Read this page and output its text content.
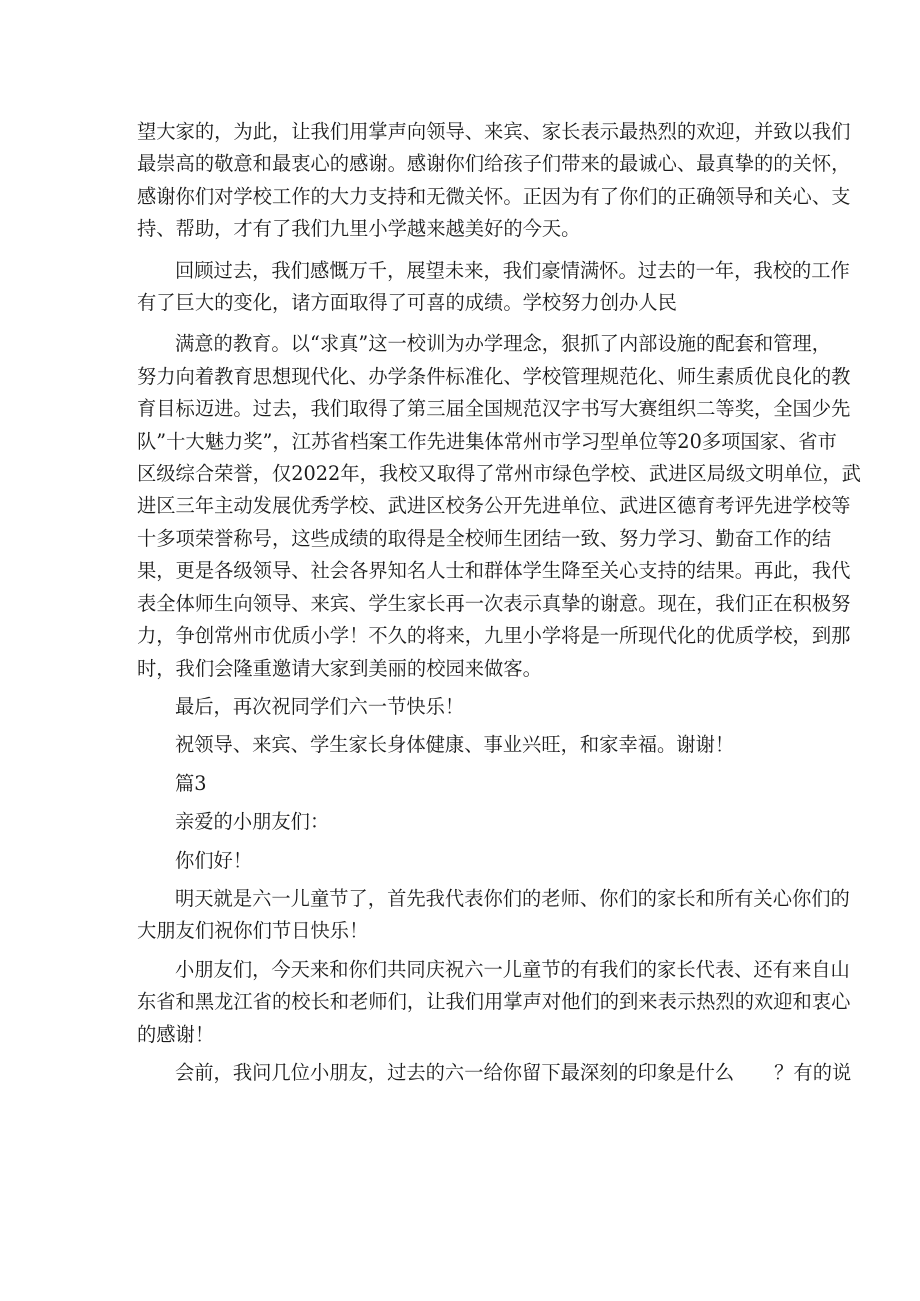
望大家的，为此，让我们用掌声向领导、来宾、家长表示最热烈的欢迎，并致以我们
最崇高的敬意和最衷心的感谢。感谢你们给孩子们带来的最诚心、最真挚的的关怀，
感谢你们对学校工作的大力支持和无微关怀。正因为有了你们的正确领导和关心、支
持、帮助，才有了我们九里小学越来越美好的今天。

回顾过去，我们感慨万千，展望未来，我们豪情满怀。过去的一年，我校的工作
有了巨大的变化，诸方面取得了可喜的成绩。学校努力创办人民

满意的教育。以“求真”这一校训为办学理念，狠抓了内部设施的配套和管理，
努力向着教育思想现代化、办学条件标准化、学校管理规范化、师生素质优良化的教
育目标迈进。过去，我们取得了第三届全国规范汉字书写大赛组织二等奖，全国少先
队”十大魅力奖”，江苏省档案工作先进集体常州市学习型单位等20多项国家、省市
区级综合荣誉，仅2022年，我校又取得了常州市绿色学校、武进区局级文明单位，武
进区三年主动发展优秀学校、武进区校务公开先进单位、武进区德育考评先进学校等
十多项荣誉称号，这些成绩的取得是全校师生团结一致、努力学习、勤奋工作的结
果，更是各级领导、社会各界知名人士和群体学生降至关心支持的结果。再此，我代
表全体师生向领导、来宾、学生家长再一次表示真挚的谢意。现在，我们正在积极努
力，争创常州市优质小学！不久的将来，九里小学将是一所现代化的优质学校，到那
时，我们会隆重邀请大家到美丽的校园来做客。

最后，再次祝同学们六一节快乐！

祝领导、来宾、学生家长身体健康、事业兴旺，和家幸福。谢谢！

篇3

亲爱的小朋友们：

你们好！

明天就是六一儿童节了，首先我代表你们的老师、你们的家长和所有关心你们的
大朋友们祝你们节日快乐！

小朋友们，今天来和你们共同庆祝六一儿童节的有我们的家长代表、还有来自山
东省和黑龙江省的校长和老师们，让我们用掌声对他们的到来表示热烈的欢迎和衷心
的感谢！

会前，我问几位小朋友，过去的六一给你留下最深刻的印象是什么 ？有的说
